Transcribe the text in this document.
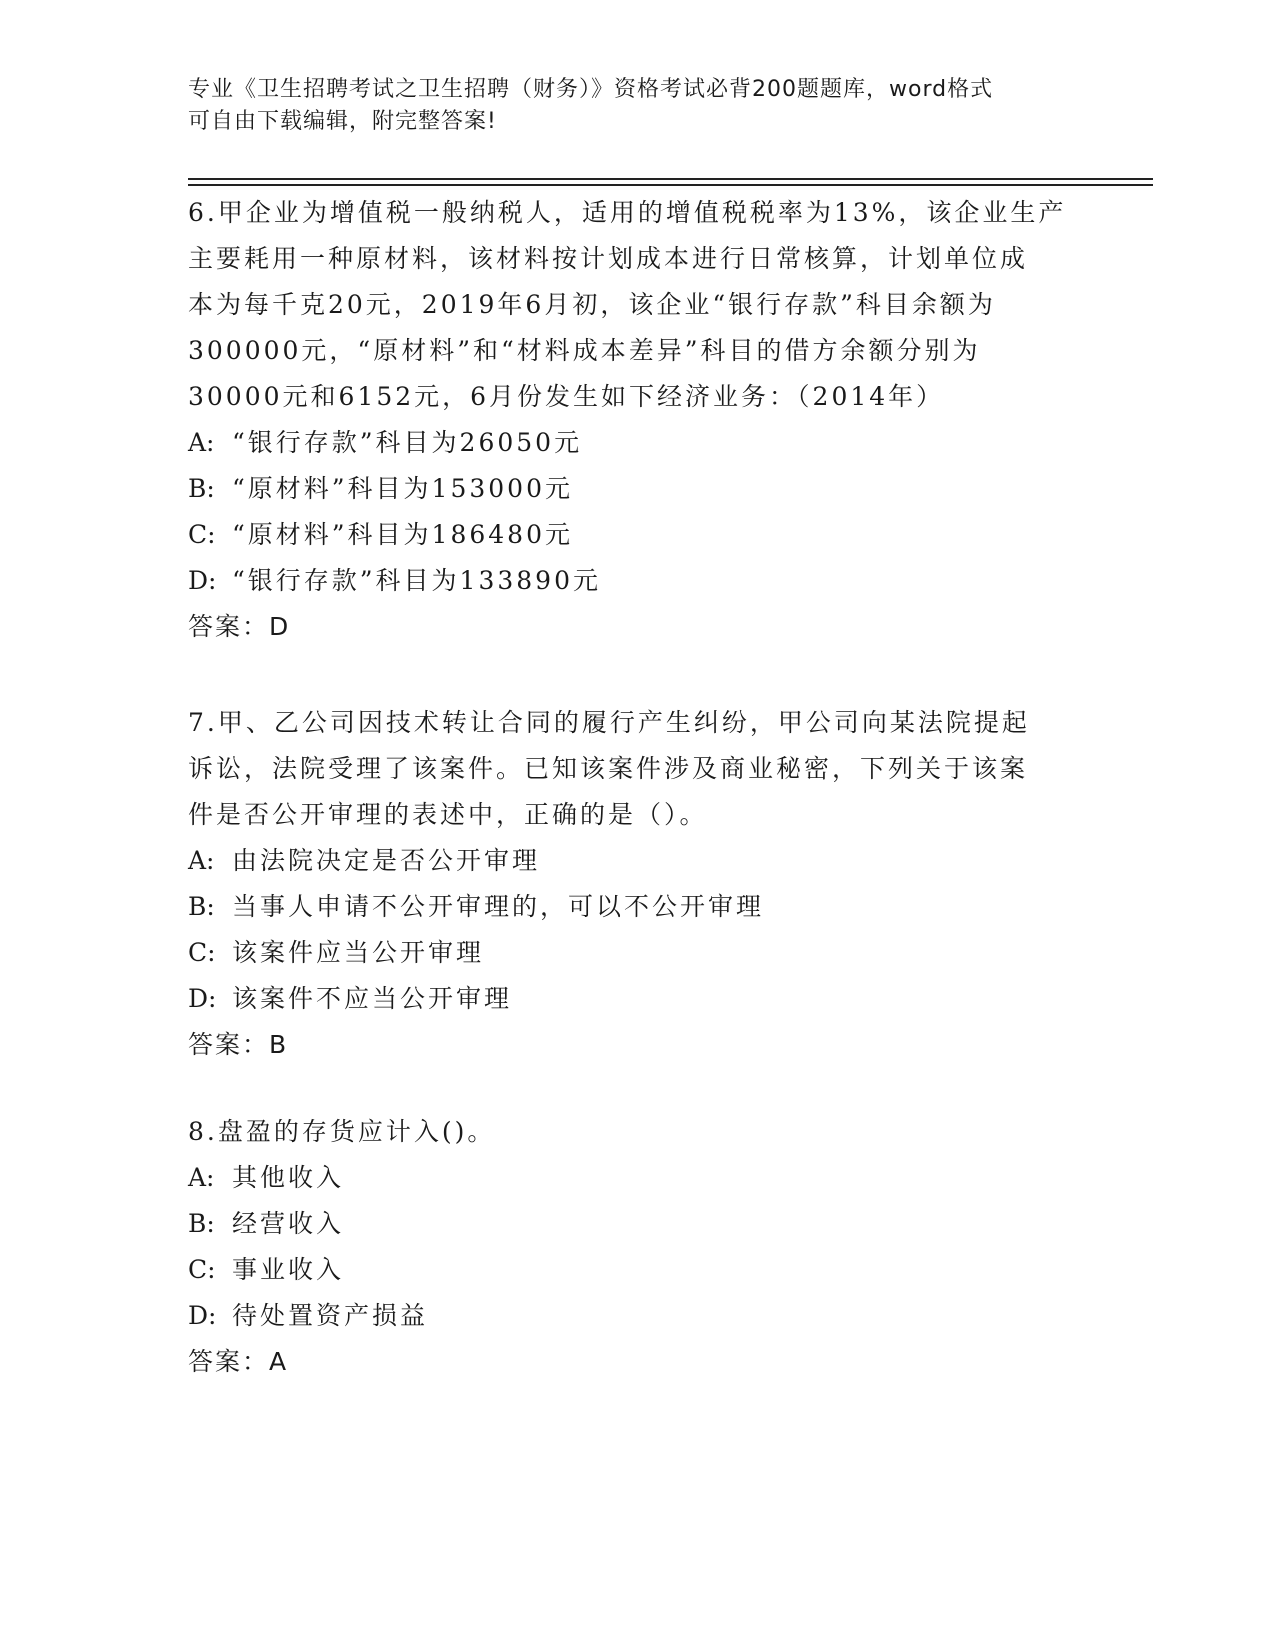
专业《卫生招聘考试之卫生招聘（财务）》资格考试必背200题题库，word格式
可自由下载编辑，附完整答案!
6.甲企业为增值税一般纳税人，适用的增值税税率为13%，该企业生产
主要耗用一种原材料，该材料按计划成本进行日常核算，计划单位成
本为每千克20元，2019年6月初，该企业“银行存款”科目余额为
300000元，“原材料”和“材料成本差异”科目的借方余额分别为
30000元和6152元，6月份发生如下经济业务：（2014年）
A: “银行存款”科目为26050元
B: “原材料”科目为153000元
C: “原材料”科目为186480元
D: “银行存款”科目为133890元
答案：D
7.甲、乙公司因技术转让合同的履行产生纠纷，甲公司向某法院提起
诉讼，法院受理了该案件。已知该案件涉及商业秘密，下列关于该案
件是否公开审理的表述中，正确的是（）。
A: 由法院决定是否公开审理
B: 当事人申请不公开审理的，可以不公开审理
C: 该案件应当公开审理
D: 该案件不应当公开审理
答案：B
8.盘盈的存货应计入()。
A: 其他收入
B: 经营收入
C: 事业收入
D: 待处置资产损益
答案：A
